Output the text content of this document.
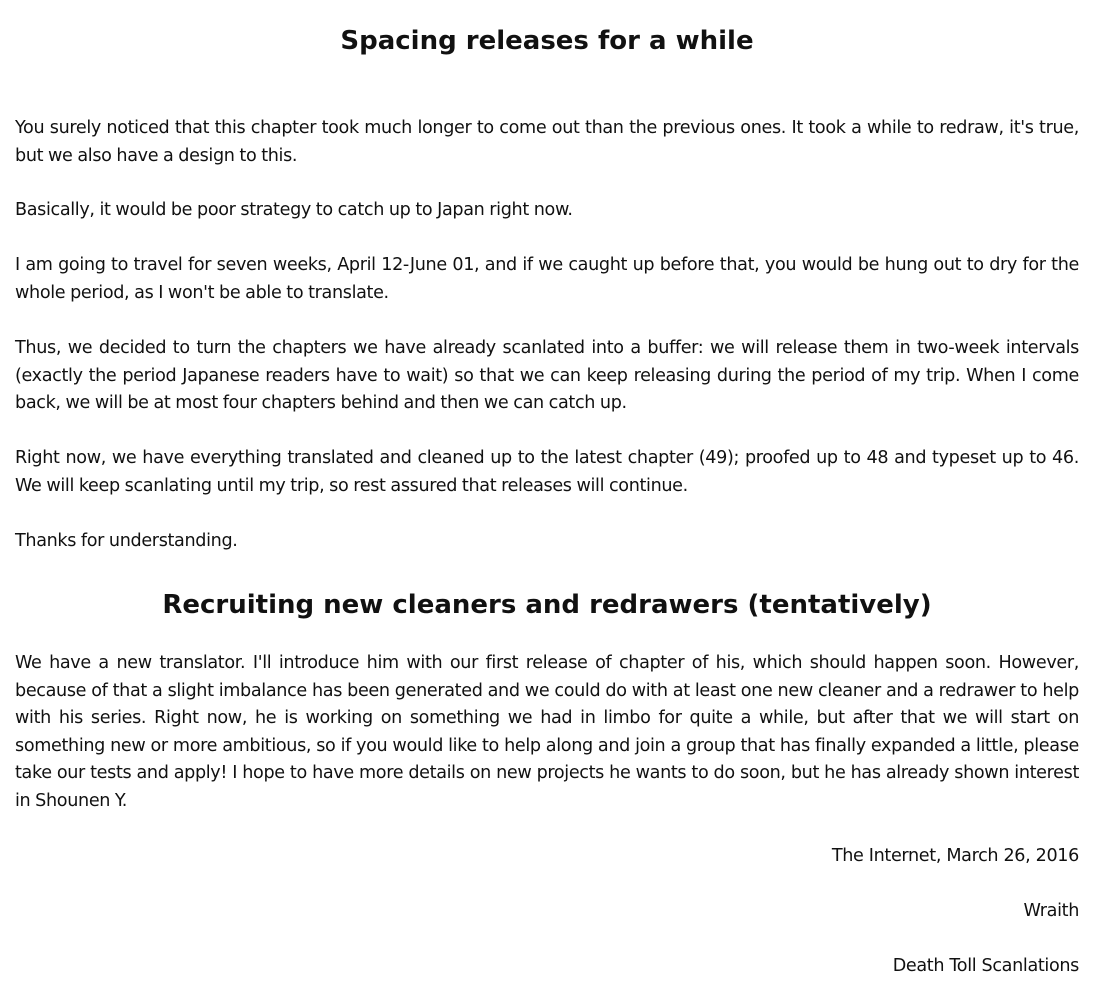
Spacing releases for a while

You surely noticed that this chapter took much longer to come out than the previous ones. It took a while to redraw, it's true, but we also have a design to this.

Basically, it would be poor strategy to catch up to Japan right now.

I am going to travel for seven weeks, April 12-June 01, and if we caught up before that, you would be hung out to dry for the whole period, as I won't be able to translate.

Thus, we decided to turn the chapters we have already scanlated into a buffer: we will release them in two-week intervals (exactly the period Japanese readers have to wait) so that we can keep releasing during the period of my trip. When I come back, we will be at most four chapters behind and then we can catch up.

Right now, we have everything translated and cleaned up to the latest chapter (49); proofed up to 48 and typeset up to 46. We will keep scanlating until my trip, so rest assured that releases will continue.

Thanks for understanding.

Recruiting new cleaners and redrawers (tentatively)

We have a new translator. I'll introduce him with our first release of chapter of his, which should happen soon. However, because of that a slight imbalance has been generated and we could do with at least one new cleaner and a redrawer to help with his series. Right now, he is working on something we had in limbo for quite a while, but after that we will start on something new or more ambitious, so if you would like to help along and join a group that has finally expanded a little, please take our tests and apply! I hope to have more details on new projects he wants to do soon, but he has already shown interest in Shounen Y.

The Internet, March 26, 2016

Wraith

Death Toll Scanlations
